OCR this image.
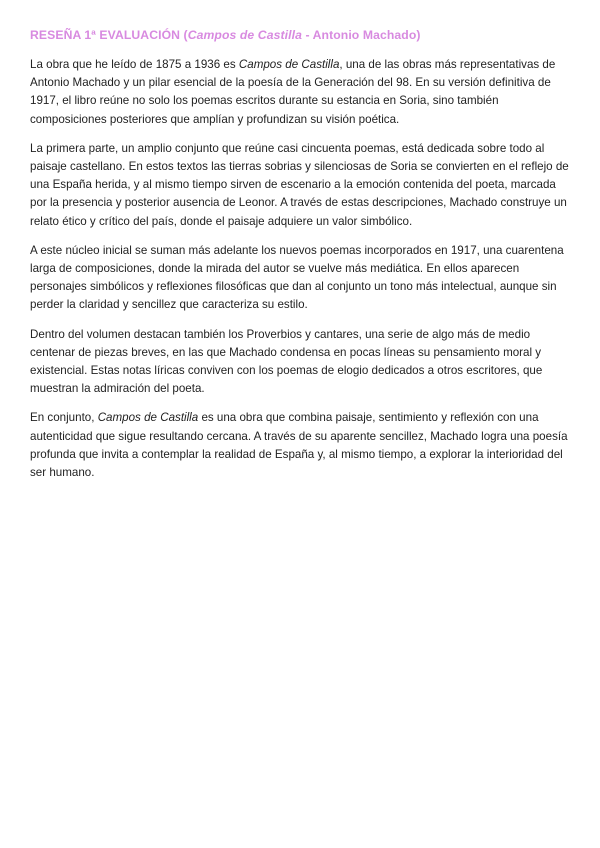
RESEÑA 1ª EVALUACIÓN (Campos de Castilla - Antonio Machado)

La obra que he leído de 1875 a 1936 es Campos de Castilla, una de las obras más representativas de Antonio Machado y un pilar esencial de la poesía de la Generación del 98. En su versión definitiva de 1917, el libro reúne no solo los poemas escritos durante su estancia en Soria, sino también composiciones posteriores que amplían y profundizan su visión poética.

La primera parte, un amplio conjunto que reúne casi cincuenta poemas, está dedicada sobre todo al paisaje castellano. En estos textos las tierras sobrias y silenciosas de Soria se convierten en el reflejo de una España herida, y al mismo tiempo sirven de escenario a la emoción contenida del poeta, marcada por la presencia y posterior ausencia de Leonor. A través de estas descripciones, Machado construye un relato ético y crítico del país, donde el paisaje adquiere un valor simbólico.

A este núcleo inicial se suman más adelante los nuevos poemas incorporados en 1917, una cuarentena larga de composiciones, donde la mirada del autor se vuelve más mediática. En ellos aparecen personajes simbólicos y reflexiones filosóficas que dan al conjunto un tono más intelectual, aunque sin perder la claridad y sencillez que caracteriza su estilo.

Dentro del volumen destacan también los Proverbios y cantares, una serie de algo más de medio centenar de piezas breves, en las que Machado condensa en pocas líneas su pensamiento moral y existencial. Estas notas líricas conviven con los poemas de elogio dedicados a otros escritores, que muestran la admiración del poeta.

En conjunto, Campos de Castilla es una obra que combina paisaje, sentimiento y reflexión con una autenticidad que sigue resultando cercana. A través de su aparente sencillez, Machado logra una poesía profunda que invita a contemplar la realidad de España y, al mismo tiempo, a explorar la interioridad del ser humano.
